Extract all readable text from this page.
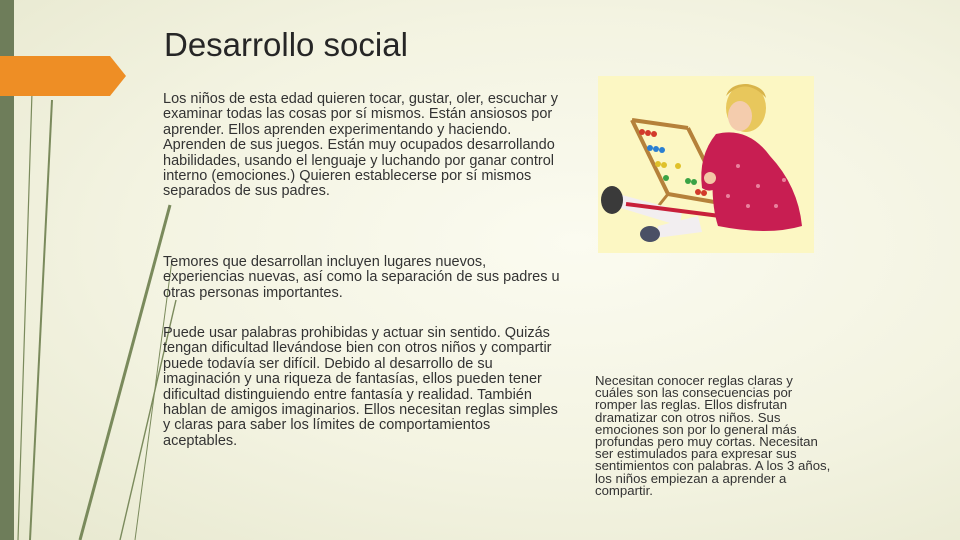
Desarrollo social
Los niños de esta edad quieren tocar, gustar, oler, escuchar y examinar todas las cosas por sí mismos. Están ansiosos por aprender. Ellos aprenden experimentando y haciendo. Aprenden de sus juegos. Están muy ocupados desarrollando habilidades, usando el lenguaje y luchando por ganar control interno (emociones.) Quieren establecerse por sí mismos separados de sus padres.
Temores que desarrollan incluyen lugares nuevos, experiencias nuevas, así como la separación de sus padres u otras personas importantes.
Puede usar palabras prohibidas y actuar sin sentido. Quizás tengan dificultad llevándose bien con otros niños y compartir puede todavía ser difícil. Debido al desarrollo de su imaginación y una riqueza de fantasías, ellos pueden tener dificultad distinguiendo entre fantasía y realidad. También hablan de amigos imaginarios. Ellos necesitan reglas simples y claras para saber los límites de comportamientos aceptables.
Necesitan conocer reglas claras y cuáles son las consecuencias por romper las reglas. Ellos disfrutan dramatizar con otros niños. Sus emociones son por lo general más profundas pero muy cortas. Necesitan ser estimulados para expresar sus sentimientos con palabras. A los 3 años, los niños empiezan a aprender a compartir.
